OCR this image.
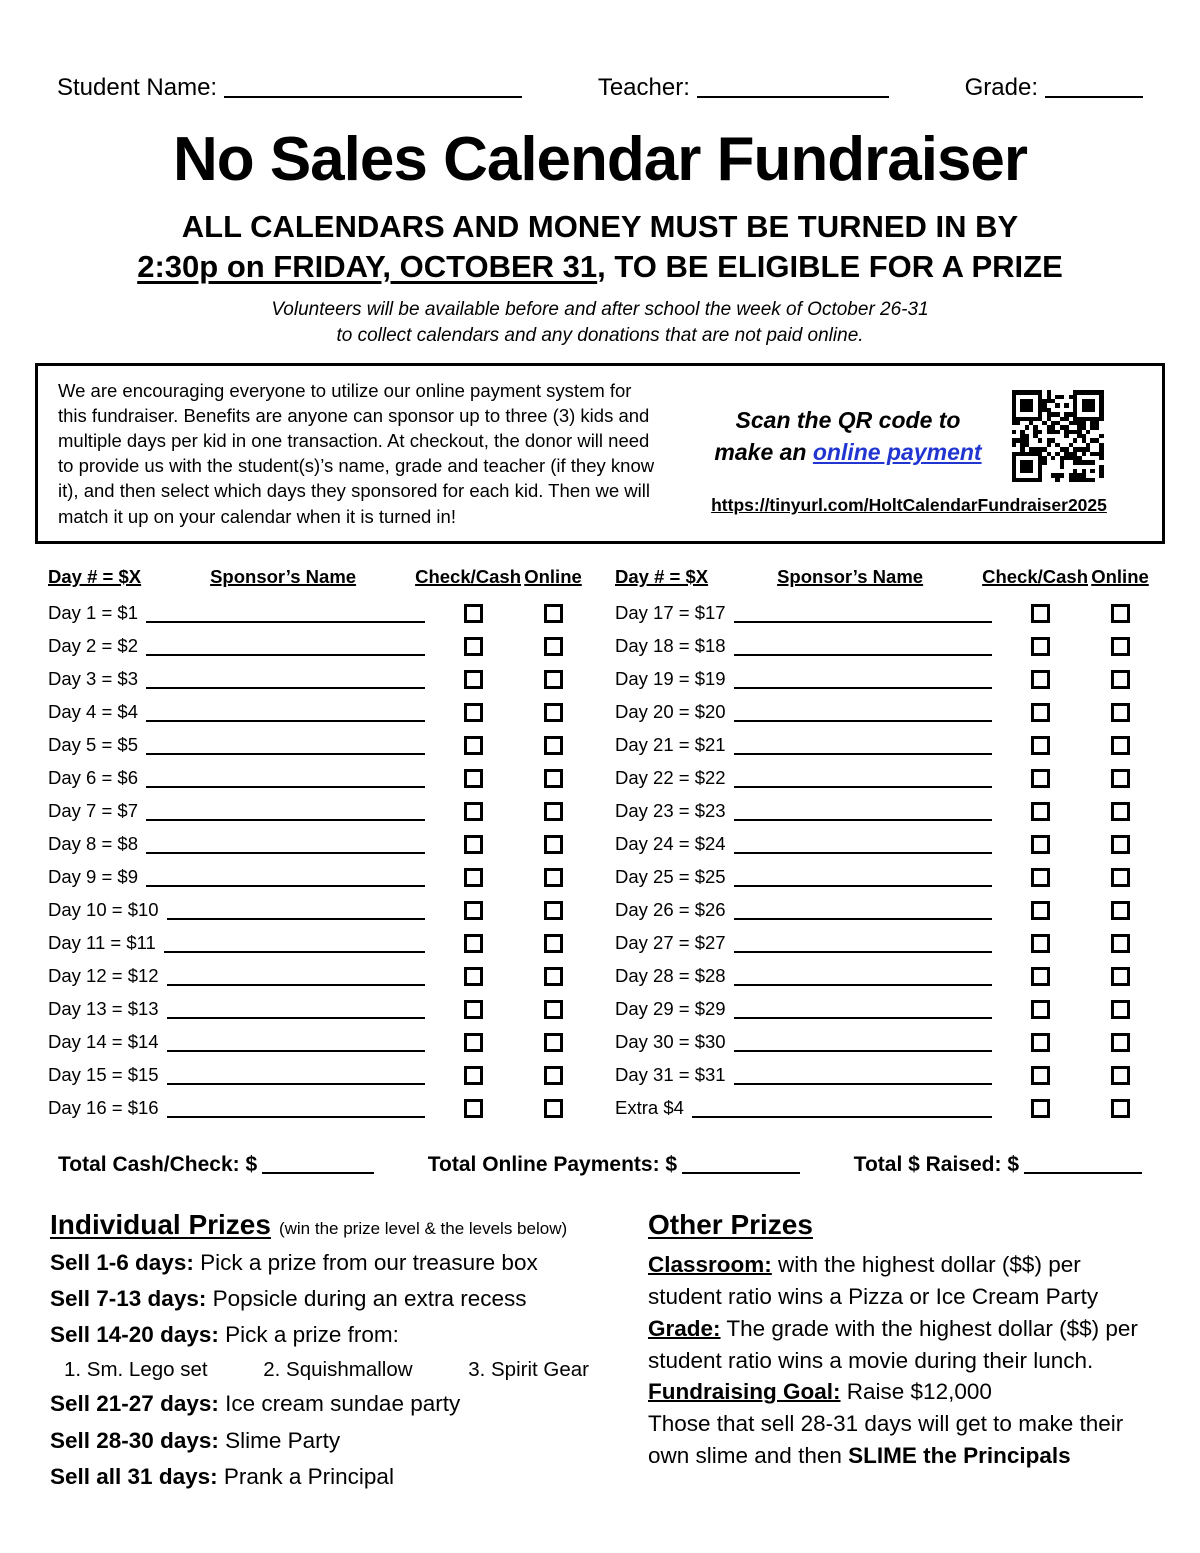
Student Name:	Teacher:	Grade:
No Sales Calendar Fundraiser
ALL CALENDARS AND MONEY MUST BE TURNED IN BY
2:30p on FRIDAY, OCTOBER 31, TO BE ELIGIBLE FOR A PRIZE
Volunteers will be available before and after school the week of October 26-31
to collect calendars and any donations that are not paid online.
We are encouraging everyone to utilize our online payment system for this fundraiser. Benefits are anyone can sponsor up to three (3) kids and multiple days per kid in one transaction. At checkout, the donor will need to provide us with the student(s)’s name, grade and teacher (if they know it), and then select which days they sponsored for each kid. Then we will match it up on your calendar when it is turned in!
Scan the QR code to
make an online payment
https://tinyurl.com/HoltCalendarFundraiser2025
Day # = $X	Sponsor’s Name	Check/Cash Online
Day 1 = $1
Day 2 = $2
Day 3 = $3
Day 4 = $4
Day 5 = $5
Day 6 = $6
Day 7 = $7
Day 8 = $8
Day 9 = $9
Day 10 = $10
Day 11 = $11
Day 12 = $12
Day 13 = $13
Day 14 = $14
Day 15 = $15
Day 16 = $16
Day # = $X	Sponsor’s Name	Check/Cash Online
Day 17 = $17
Day 18 = $18
Day 19 = $19
Day 20 = $20
Day 21 = $21
Day 22 = $22
Day 23 = $23
Day 24 = $24
Day 25 = $25
Day 26 = $26
Day 27 = $27
Day 28 = $28
Day 29 = $29
Day 30 = $30
Day 31 = $31
Extra $4
Total Cash/Check: $	Total Online Payments: $	Total $ Raised: $
Individual Prizes (win the prize level & the levels below)
Sell 1-6 days: Pick a prize from our treasure box
Sell 7-13 days: Popsicle during an extra recess
Sell 14-20 days: Pick a prize from:
1. Sm. Lego set	2. Squishmallow	3. Spirit Gear
Sell 21-27 days: Ice cream sundae party
Sell 28-30 days: Slime Party
Sell all 31 days: Prank a Principal
Other Prizes

Classroom: with the highest dollar ($$) per student ratio wins a Pizza or Ice Cream Party

Grade: The grade with the highest dollar ($$) per student ratio wins a movie during their lunch.

Fundraising Goal: Raise $12,000

Those that sell 28-31 days will get to make their own slime and then SLIME the Principals
